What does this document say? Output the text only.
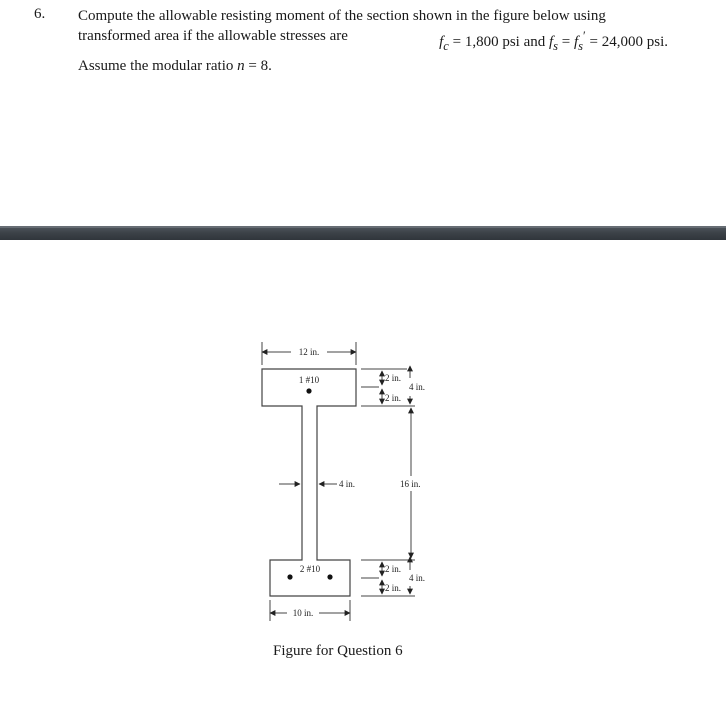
6. Compute the allowable resisting moment of the section shown in the figure below using
transformed area if the allowable stresses are	$f_c = 1,800$ psi and $f_s = f_s' = 24,000$ psi.
Assume the modular ratio n = 8.
12 in.
1 #10	2 in.
2 in.
4 in.
4 in.	16 in.
2 #10	2 in.
2 in.
4 in.
10 in.
Figure for Question 6
